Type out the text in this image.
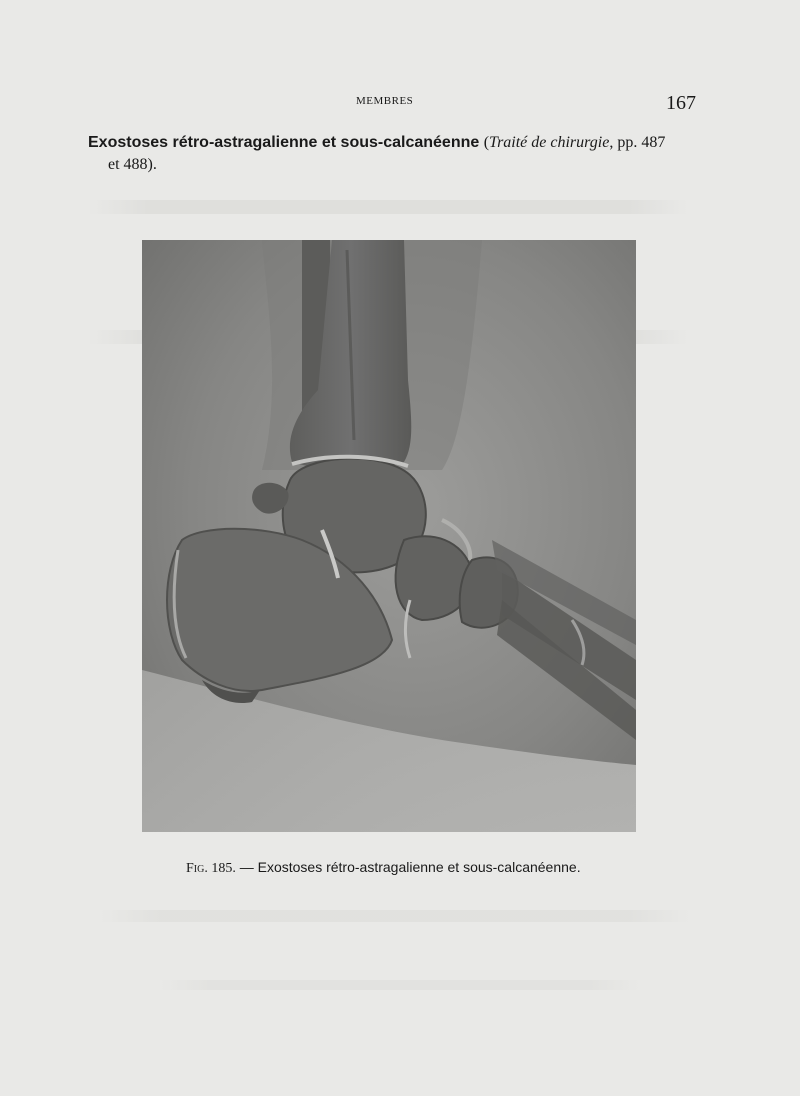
MEMBRES	167
Exostoses rétro-astragalienne et sous-calcanéenne (Traité de chirurgie, pp. 487
et 488).
Fig. 185. — Exostoses rétro-astragalienne et sous-calcanéenne.
